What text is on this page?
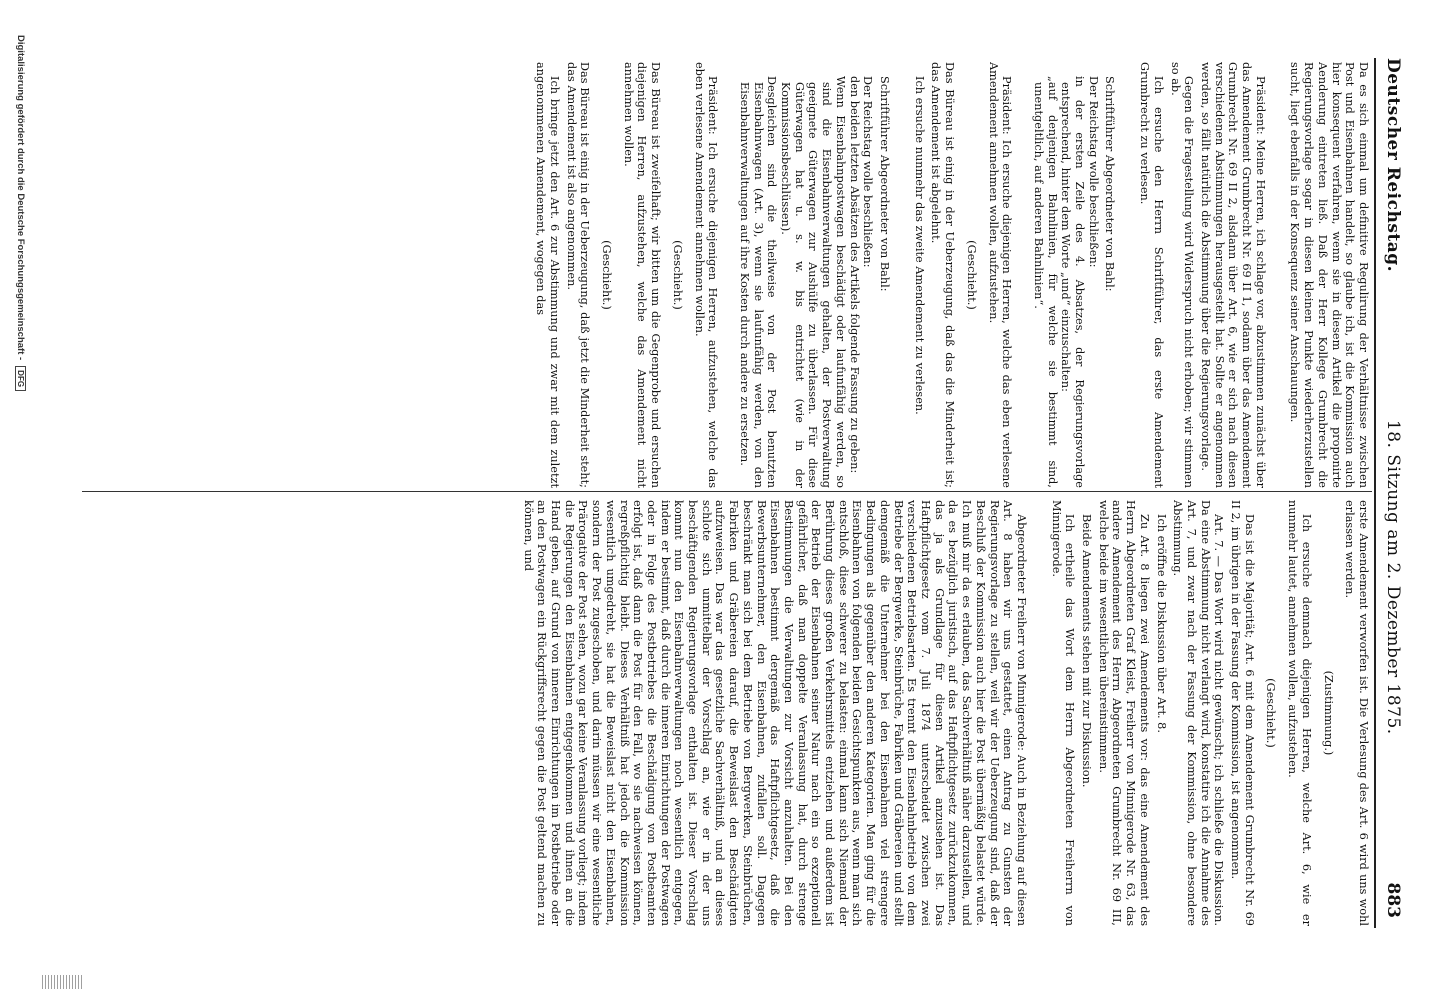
Deutscher Reichstag.
18. Sitzung am 2. Dezember 1875.
883
Da es sich einmal um definitive Regulirung der Verhältnisse zwischen Post und Eisenbahnen handelt, so glaube ich, ist die Kommission auch hier konsequent verfahren, wenn sie in diesem Artikel die proponirte Aenderung eintreten ließ. Daß der Herr Kollege Grumbrecht die Regierungsvorlage sogar in diesen kleinen Punkte wiederherzustellen sucht, liegt ebenfalls in der Konsequenz seiner Anschauungen.
Präsident: Meine Herren, ich schlage vor, abzustimmen zunächst über das Amendement Grumbrecht Nr. 69 II 1, sodann über das Amendement Grumbrecht Nr. 69 II 2, alsdann über Art. 6, wie er sich nach diesen verschiedenen Abstimmungen herausgestellt hat. Sollte er angenommen werden, so fällt natürlich die Abstimmung über die Regierungsvorlage.
Gegen die Fragestellung wird Widerspruch nicht erhoben; wir stimmen so ab.
Ich ersuche den Herrn Schriftführer, das erste Amendement Grumbrecht zu verlesen.
Schriftführer Abgeordneter von Bahl:
Der Reichstag wolle beschließen:
in der ersten Zeile des 4. Absatzes, der Regierungsvorlage entsprechend, hinter dem Worte „und“ einzuschalten:
„auf denjenigen Bahnlinien, für welche sie bestimmt sind, unentgeltlich, auf anderen Bahnlinien“.
Präsident: Ich ersuche diejenigen Herren, welche das eben verlesene Amendement annehmen wollen, aufzustehen.
(Geschieht.)
Das Büreau ist einig in der Ueberzeugung, daß das die Minderheit ist; das Amendement ist abgelehnt.
Ich ersuche nunmehr das zweite Amendement zu verlesen.
Schriftführer Abgeordneter von Bahl:
Der Reichstag wolle beschließen:
den beiden letzten Absätzen des Artikels folgende Fassung zu geben:
Wenn Eisenbahnpostwagen beschädigt oder laufunfähig werden, so sind die Eisenbahnverwaltungen gehalten, der Postverwaltung geeignete Güterwagen zur Aushülfe zu überlassen. Für diese Güterwagen hat u. s. w. bis entrichtet (wie in der Kommissionsbeschlüssen).
Desgleichen sind die theilweise von der Post benutzten Eisenbahnwagen (Art. 3), wenn sie laufunfähig werden, von den Eisenbahnverwaltungen auf ihre Kosten durch andere zu ersetzen.
Präsident: Ich ersuche diejenigen Herren, aufzustehen, welche das eben verlesene Amendement annehmen wollen.
(Geschieht.)
Das Büreau ist zweifelhaft; wir bitten um die Gegenprobe und ersuchen diejenigen Herren, aufzustehen, welche das Amendement nicht annehmen wollen.
(Geschieht.)
Das Büreau ist einig in der Ueberzeugung, daß jetzt die Minderheit steht; das Amendement ist also angenommen.
Ich bringe jetzt den Art. 6 zur Abstimmung und zwar mit dem zuletzt angenommenen Amendement, wogegen das
erste Amendement verworfen ist. Die Verlesung des Art. 6 wird uns wohl erlassen werden.
(Zustimmung.)
Ich ersuche demnach diejenigen Herren, welche Art. 6, wie er nunmehr lautet, annehmen wollen, aufzustehen.
(Geschieht.)
Das ist die Majorität; Art. 6 mit dem Amendement Grumbrecht Nr. 69 II 2, im übrigen in der Fassung der Kommission, ist angenommen.
Art. 7. — Das Wort wird nicht gewünscht; ich schließe die Diskussion. Da eine Abstimmung nicht verlangt wird, konstatire ich die Annahme des Art. 7, und zwar nach der Fassung der Kommission, ohne besondere Abstimmung.
Ich eröffne die Diskussion über Art. 8.
Zu Art. 8 liegen zwei Amendements vor: das eine Amendement des Herrn Abgeordneten Graf Kleist, Freiherr von Minnigerode Nr. 63, das andere Amendement des Herrn Abgeordneten Grumbrecht Nr. 69 III, welche beide im wesentlichen übereinstimmen.
Beide Amendements stehen mit zur Diskussion.
Ich ertheile das Wort dem Herrn Abgeordneten Freiherrn von Minnigerode.
Abgeordneter Freiherr von Minnigerode: Auch in Beziehung auf diesen Art. 8 haben wir uns gestattet, einen Antrag zu Gunsten der Regierungsvorlage zu stellen, weil wir der Ueberzeugung sind, daß der Beschluß der Kommission auch hier die Post übermäßig belastet würde. Ich muß mir da es erlauben, das Sachverhältniß näher darzustellen, und da es bezüglich juristisch, auf das Haftpflichtgesetz zurückzukommen, das ja als Grundlage für diesen Artikel anzusehen ist. Das Haftpflichtgesetz vom 7. Juli 1874 unterscheidet zwischen zwei verschiedenen Betriebsarten. Es trennt den Eisenbahnbetrieb von dem Betriebe der Bergwerke, Steinbrüche, Fabriken und Gräbereien und stellt demgemäß die Unternehmer bei den Eisenbahnen viel strengere Bedingungen als gegenüber den anderen Kategorien. Man ging für die Eisenbahnen von folgenden beiden Gesichtspunkten aus, wenn man sich entschloß, diese schwerer zu belasten: einmal kann sich Niemand der Berührung dieses großen Verkehrsmittels entziehen und außerdem ist der Betrieb der Eisenbahnen seiner Natur nach ein so exzeptionell gefährlicher, daß man doppelte Veranlassung hat, durch strenge Bestimmungen die Verwaltungen zur Vorsicht anzuhalten. Bei den Eisenbahnen bestimmt dergemäß das Haftpflichtgesetz, daß die Bewerbsunternehmer, den Eisenbahnen, zufallen soll. Dagegen beschränkt man sich bei dem Betriebe von Bergwerken, Steinbrüchen, Fabriken und Gräbereien darauf, die Beweislast den Beschädigten aufzuweisen. Das war das gesetzliche Sachverhältniß, und an dieses schlote sich unmittelbar der Vorschlag an, wie er in der uns beschäftigenden Regierungsvorlage enthalten ist. Dieser Vorschlag kommt nun den Eisenbahnverwaltungen noch wesentlich entgegen, indem er bestimmt, daß durch die inneren Einrichtungen der Postwagen oder in Folge des Postbetriebes die Beschädigung von Postbeamten erfolgt ist, daß dann die Post für den Fall, wo sie nachweisen können, regreßpflichtig bleibt. Dieses Verhältniß hat jedoch die Kommission wesentlich umgedreht, sie hat die Beweislast nicht den Eisenbahnen, sondern der Post zugeschoben, und darin müssen wir eine wesentliche Prärogative der Post sehen, wozu gar keine Veranlassung vorliegt; indem die Regierungen den Eisenbahnen entgegenkommen und ihnen an die Hand geben, auf Grund von inneren Einrichtungen im Postbetriebe oder an den Postwagen ein Rückgriffsrecht gegen die Post geltend machen zu können, und
Digitalisierung gefördert durch die Deutsche Forschungsgemeinschaft -
DFG
